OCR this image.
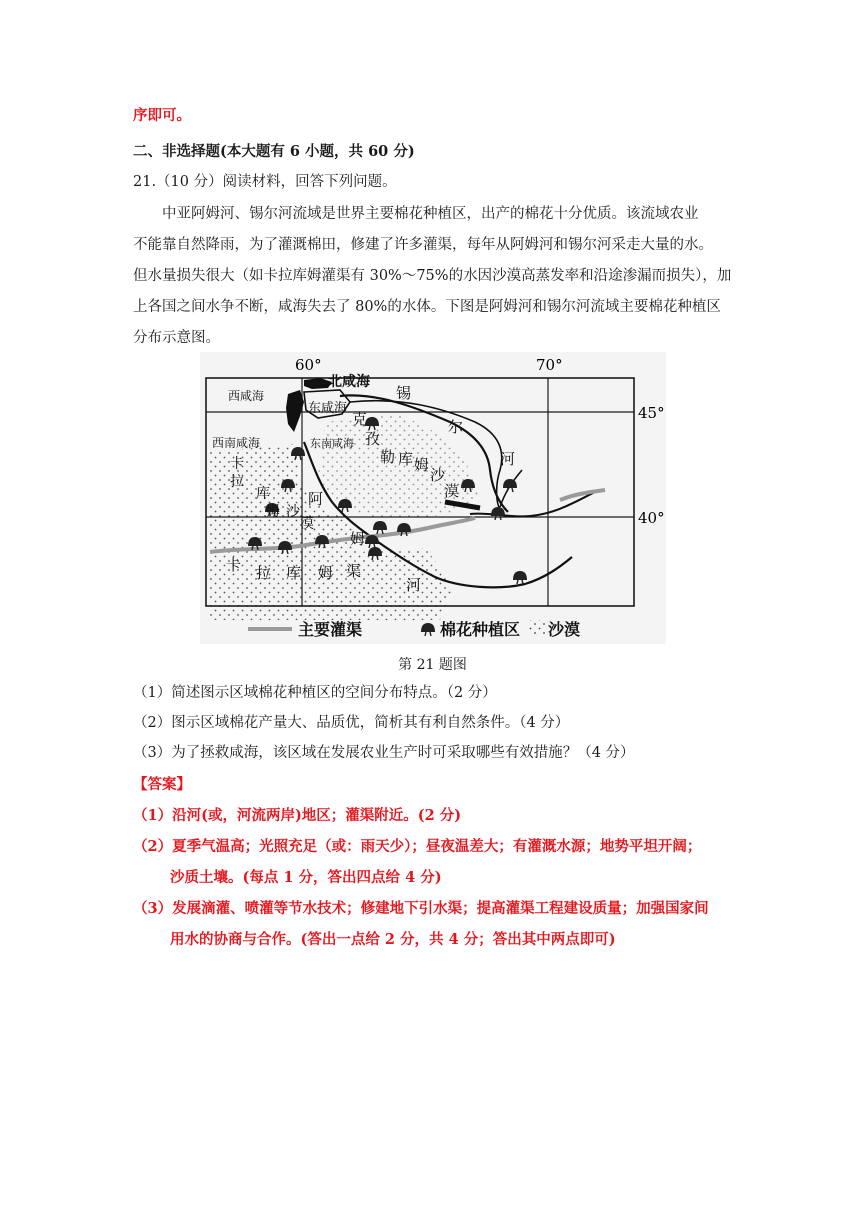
序即可。
二、非选择题(本大题有 6 小题，共 60 分)
21.（10 分）阅读材料，回答下列问题。
中亚阿姆河、锡尔河流域是世界主要棉花种植区，出产的棉花十分优质。该流域农业
不能靠自然降雨，为了灌溉棉田，修建了许多灌渠，每年从阿姆河和锡尔河采走大量的水。
但水量损失很大（如卡拉库姆灌渠有 30%～75%的水因沙漠高蒸发率和沿途渗漏而损失），加
上各国之间水争不断，咸海失去了 80%的水体。下图是阿姆河和锡尔河流域主要棉花种植区
分布示意图。
60°	70°
45°
40°
北咸海
西咸海
东咸海
西南咸海	东南咸海
锡
尔
河
克
孜
勒 库 姆
沙
漠
卡
拉
库
姆 沙
漠
阿
姆
河
卡 拉 库 姆 渠
主要灌渠	棉花种植区 沙漠
第 21 题图
（1）简述图示区域棉花种植区的空间分布特点。（2 分）
（2）图示区域棉花产量大、品质优，简析其有利自然条件。（4 分）
（3）为了拯救咸海，该区域在发展农业生产时可采取哪些有效措施？（4 分）
【答案】
（1）沿河(或，河流两岸)地区；灌渠附近。(2 分)
（2）夏季气温高；光照充足（或：雨天少）；昼夜温差大；有灌溉水源；地势平坦开阔；
沙质土壤。(每点 1 分，答出四点给 4 分)
（3）发展滴灌、喷灌等节水技术；修建地下引水渠；提高灌渠工程建设质量；加强国家间
用水的协商与合作。(答出一点给 2 分，共 4 分；答出其中两点即可)
